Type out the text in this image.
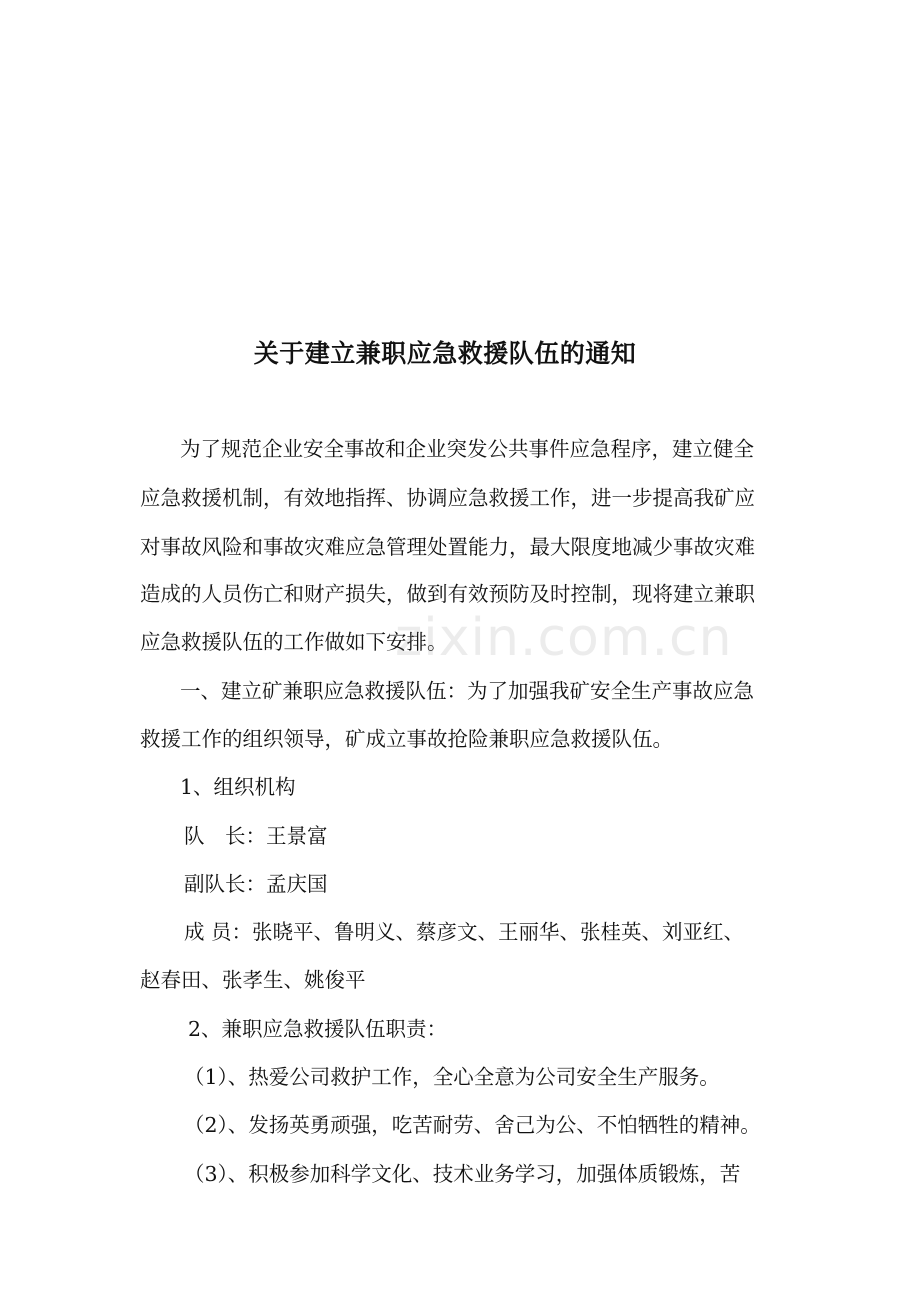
关于建立兼职应急救援队伍的通知
为了规范企业安全事故和企业突发公共事件应急程序，建立健全
应急救援机制，有效地指挥、协调应急救援工作，进一步提高我矿应
对事故风险和事故灾难应急管理处置能力，最大限度地减少事故灾难
造成的人员伤亡和财产损失，做到有效预防及时控制，现将建立兼职
应急救援队伍的工作做如下安排。
一、建立矿兼职应急救援队伍：为了加强我矿安全生产事故应急
救援工作的组织领导，矿成立事故抢险兼职应急救援队伍。
1、组织机构
队　长：王景富
副队长：孟庆国
成 员：张晓平、鲁明义、蔡彦文、王丽华、张桂英、刘亚红、
赵春田、张孝生、姚俊平
2、兼职应急救援队伍职责：
（1）、热爱公司救护工作，全心全意为公司安全生产服务。
（2）、发扬英勇顽强，吃苦耐劳、舍己为公、不怕牺牲的精神。
（3）、积极参加科学文化、技术业务学习，加强体质锻炼，苦
zixin.com.cn
